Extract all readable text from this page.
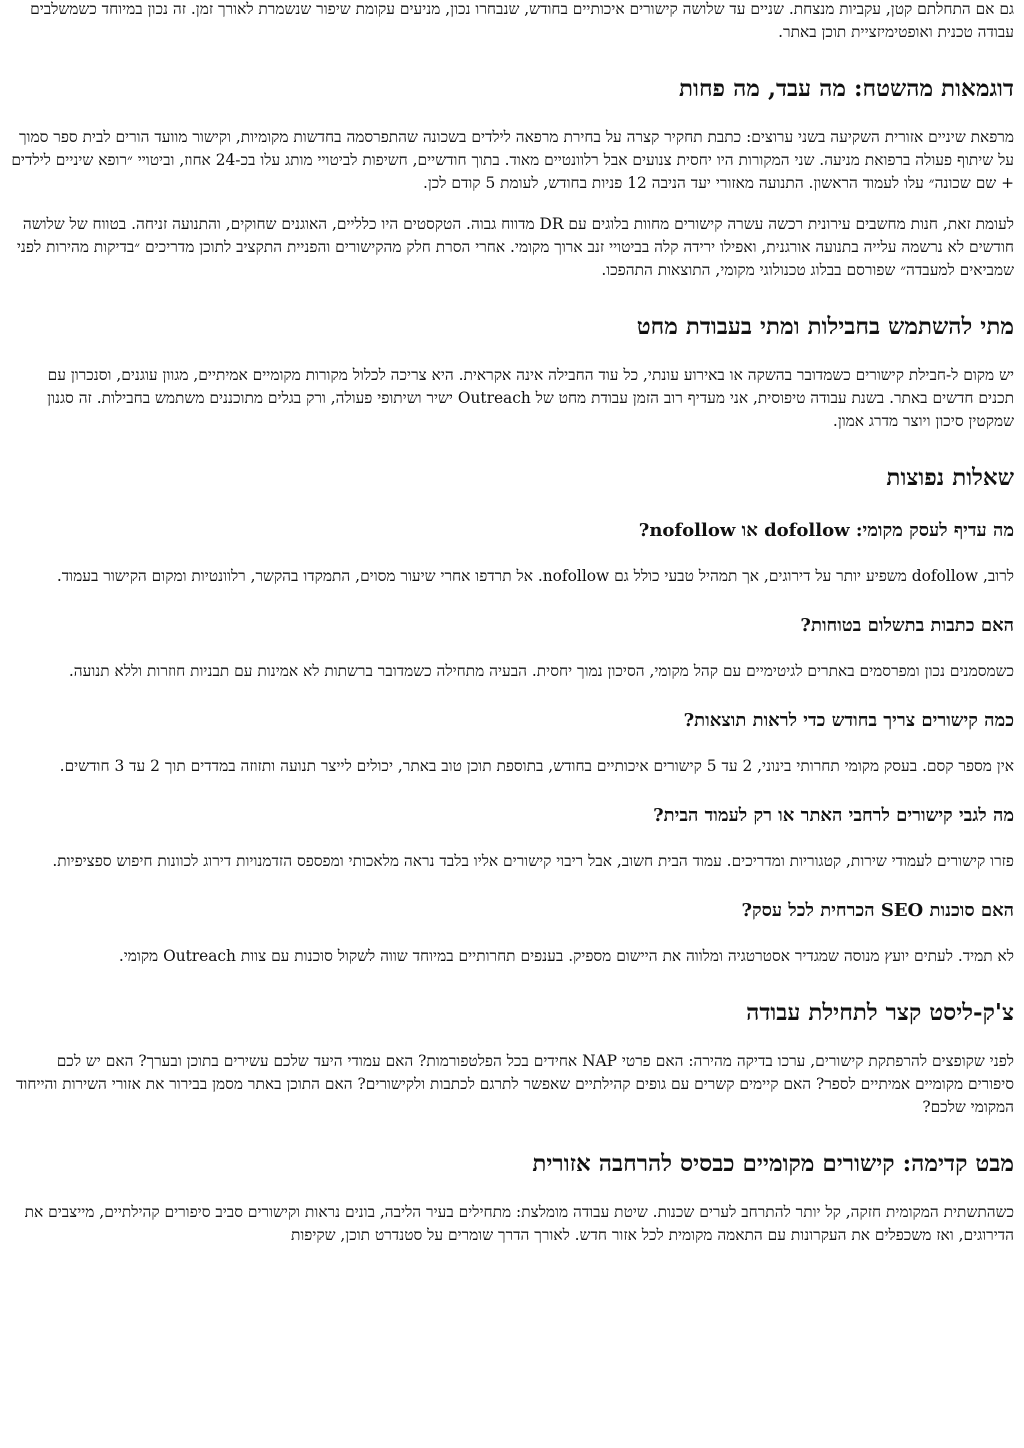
גם אם התחלתם קטן, עקביות מנצחת. שניים עד שלושה קישורים איכותיים בחודש, שנבחרו נכון, מניעים עקומת שיפור שנשמרת לאורך זמן. זה נכון במיוחד כשמשלבים עבודה טכנית ואופטימיזציית תוכן באתר.

דוגמאות מהשטח: מה עבד, מה פחות

מרפאת שיניים אזורית השקיעה בשני ערוצים: כתבת תחקיר קצרה על בחירת מרפאה לילדים בשכונה שהתפרסמה בחדשות מקומיות, וקישור מוועד הורים לבית ספר סמוך על שיתוף פעולה ברפואת מניעה. שני המקורות היו יחסית צנועים אבל רלוונטיים מאוד. בתוך חודשיים, חשיפות לביטויי מותג עלו בכ-24 אחוז, וביטויי ״רופא שיניים לילדים + שם שכונה״ עלו לעמוד הראשון. התנועה מאזורי יעד הניבה 12 פניות בחודש, לעומת 5 קודם לכן.

לעומת זאת, חנות מחשבים עירונית רכשה עשרה קישורים מחוות בלוגים עם DR מדווח גבוה. הטקסטים היו כלליים, האוגנים שחוקים, והתנועה זניחה. בטווח של שלושה חודשים לא נרשמה עלייה בתנועה אורגנית, ואפילו ירידה קלה בביטויי זנב ארוך מקומי. אחרי הסרת חלק מהקישורים והפניית התקציב לתוכן מדריכים ״בדיקות מהירות לפני שמביאים למעבדה״ שפורסם בבלוג טכנולוגי מקומי, התוצאות התהפכו.

מתי להשתמש בחבילות ומתי בעבודת מחט

יש מקום ל-חבילת קישורים כשמדובר בהשקה או באירוע עונתי, כל עוד החבילה אינה אקראית. היא צריכה לכלול מקורות מקומיים אמיתיים, מגוון עוגנים, וסנכרון עם תכנים חדשים באתר. בשנת עבודה טיפוסית, אני מעדיף רוב הזמן עבודת מחט של Outreach ישיר ושיתופי פעולה, ורק בגלים מתוכננים משתמש בחבילות. זה סגנון שמקטין סיכון ויוצר מדרג אמון.

שאלות נפוצות
מה עדיף לעסק מקומי: dofollow או nofollow?

לרוב, dofollow משפיע יותר על דירוגים, אך תמהיל טבעי כולל גם nofollow. אל תרדפו אחרי שיעור מסוים, התמקדו בהקשר, רלוונטיות ומקום הקישור בעמוד.

האם כתבות בתשלום בטוחות?

כשמסמנים נכון ומפרסמים באתרים לגיטימיים עם קהל מקומי, הסיכון נמוך יחסית. הבעיה מתחילה כשמדובר ברשתות לא אמינות עם תבניות חוזרות וללא תנועה.

כמה קישורים צריך בחודש כדי לראות תוצאות?

אין מספר קסם. בעסק מקומי תחרותי בינוני, 2 עד 5 קישורים איכותיים בחודש, בתוספת תוכן טוב באתר, יכולים לייצר תנועה ותזוזה במדדים תוך 2 עד 3 חודשים.

מה לגבי קישורים לרחבי האתר או רק לעמוד הבית?

פזרו קישורים לעמודי שירות, קטגוריות ומדריכים. עמוד הבית חשוב, אבל ריבוי קישורים אליו בלבד נראה מלאכותי ומפספס הזדמנויות דירוג לכוונות חיפוש ספציפיות.

האם סוכנות SEO הכרחית לכל עסק?

לא תמיד. לעתים יועץ מנוסה שמגדיר אסטרטגיה ומלווה את היישום מספיק. בענפים תחרותיים במיוחד שווה לשקול סוכנות עם צוות Outreach מקומי.

צ'ק-ליסט קצר לתחילת עבודה

לפני שקופצים להרפתקת קישורים, ערכו בדיקה מהירה: האם פרטי NAP אחידים בכל הפלטפורמות? האם עמודי היעד שלכם עשירים בתוכן ובערך? האם יש לכם סיפורים מקומיים אמיתיים לספר? האם קיימים קשרים עם גופים קהילתיים שאפשר לתרגם לכתבות ולקישורים? האם התוכן באתר מסמן בבירור את אזורי השירות והייחוד המקומי שלכם?

מבט קדימה: קישורים מקומיים כבסיס להרחבה אזורית

כשהתשתית המקומית חזקה, קל יותר להתרחב לערים שכנות. שיטת עבודה מומלצת: מתחילים בעיר הליבה, בונים נראות וקישורים סביב סיפורים קהילתיים, מייצבים את הדירוגים, ואז משכפלים את העקרונות עם התאמה מקומית לכל אזור חדש. לאורך הדרך שומרים על סטנדרט תוכן, שקיפות
